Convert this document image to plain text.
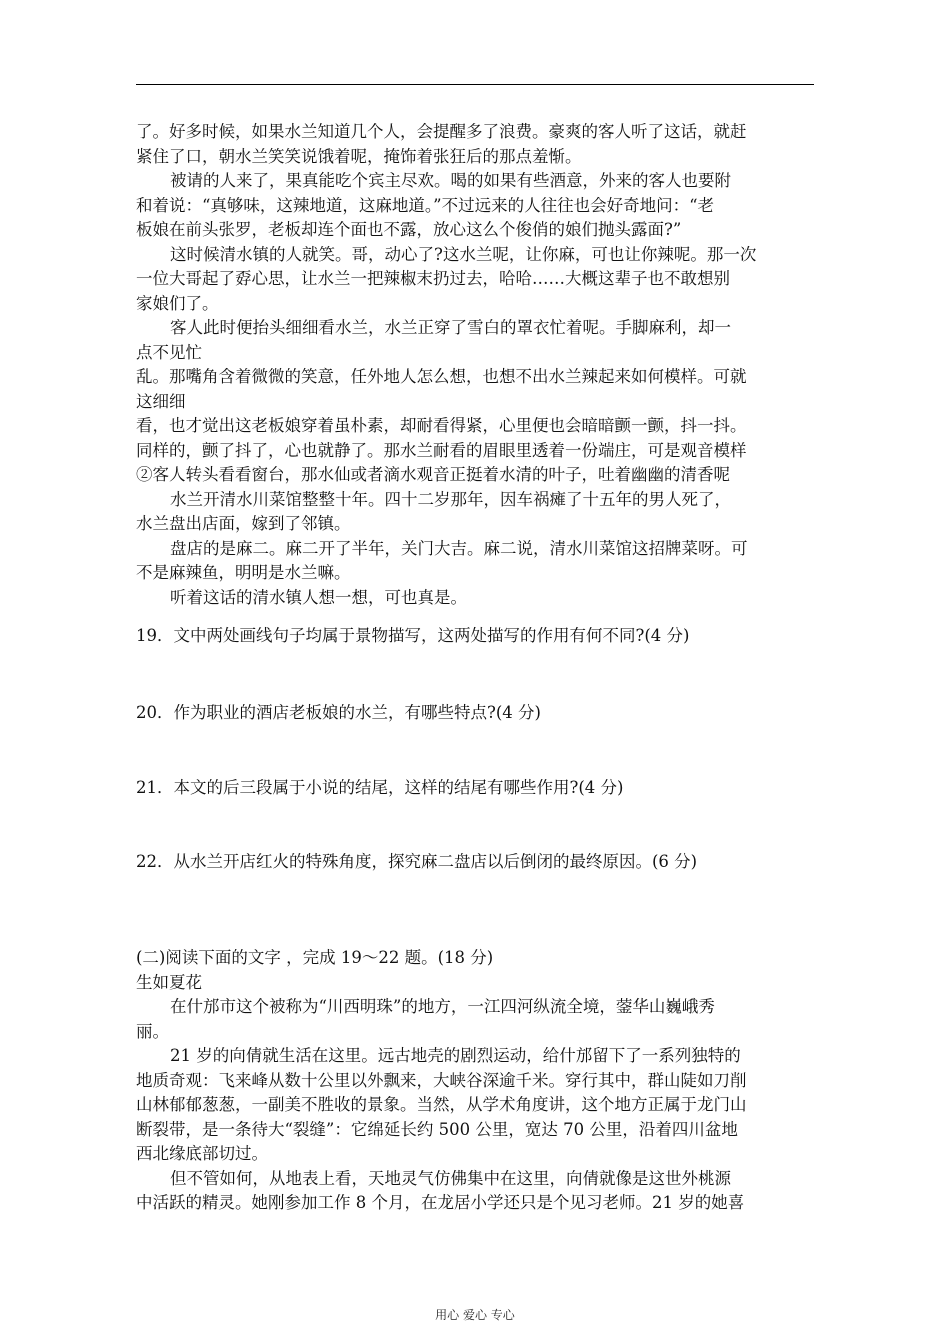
了。好多时候，如果水兰知道几个人，会提醒多了浪费。豪爽的客人听了这话，就赶
紧住了口，朝水兰笑笑说饿着呢，掩饰着张狂后的那点羞惭。
被请的人来了，果真能吃个宾主尽欢。喝的如果有些酒意，外来的客人也要附
和着说：“真够味，这辣地道，这麻地道。”不过远来的人往往也会好奇地问：“老
板娘在前头张罗，老板却连个面也不露，放心这么个俊俏的娘们抛头露面?”
这时候清水镇的人就笑。哥，动心了?这水兰呢，让你麻，可也让你辣呢。那一次
一位大哥起了孬心思，让水兰一把辣椒末扔过去，哈哈……大概这辈子也不敢想别
家娘们了。
客人此时便抬头细细看水兰，水兰正穿了雪白的罩衣忙着呢。手脚麻利，却一
点不见忙
乱。那嘴角含着微微的笑意，任外地人怎么想，也想不出水兰辣起来如何模样。可就
这细细
看，也才觉出这老板娘穿着虽朴素，却耐看得紧，心里便也会暗暗颤一颤，抖一抖。
同样的，颤了抖了，心也就静了。那水兰耐看的眉眼里透着一份端庄，可是观音模样
②客人转头看看窗台，那水仙或者滴水观音正挺着水清的叶子，吐着幽幽的清香呢
水兰开清水川菜馆整整十年。四十二岁那年，因车祸瘫了十五年的男人死了，
水兰盘出店面，嫁到了邻镇。
盘店的是麻二。麻二开了半年，关门大吉。麻二说，清水川菜馆这招牌菜呀。可
不是麻辣鱼，明明是水兰嘛。
听着这话的清水镇人想一想，可也真是。
19．文中两处画线句子均属于景物描写，这两处描写的作用有何不同?(4 分)
20．作为职业的酒店老板娘的水兰，有哪些特点?(4 分)
21．本文的后三段属于小说的结尾，这样的结尾有哪些作用?(4 分)
22．从水兰开店红火的特殊角度，探究麻二盘店以后倒闭的最终原因。(6 分)
(二)阅读下面的文字 ，完成 19～22 题。(18 分)
生如夏花
在什邡市这个被称为“川西明珠”的地方，一江四河纵流全境，蓥华山巍峨秀
丽。
21 岁的向倩就生活在这里。远古地壳的剧烈运动，给什邡留下了一系列独特的
地质奇观：飞来峰从数十公里以外飘来，大峡谷深逾千米。穿行其中，群山陡如刀削
山林郁郁葱葱，一副美不胜收的景象。当然，从学术角度讲，这个地方正属于龙门山
断裂带，是一条待大“裂缝”：它绵延长约 500 公里，宽达 70 公里，沿着四川盆地
西北缘底部切过。
但不管如何，从地表上看，天地灵气仿佛集中在这里，向倩就像是这世外桃源
中活跃的精灵。她刚参加工作 8 个月，在龙居小学还只是个见习老师。21 岁的她喜
用心 爱心 专心
